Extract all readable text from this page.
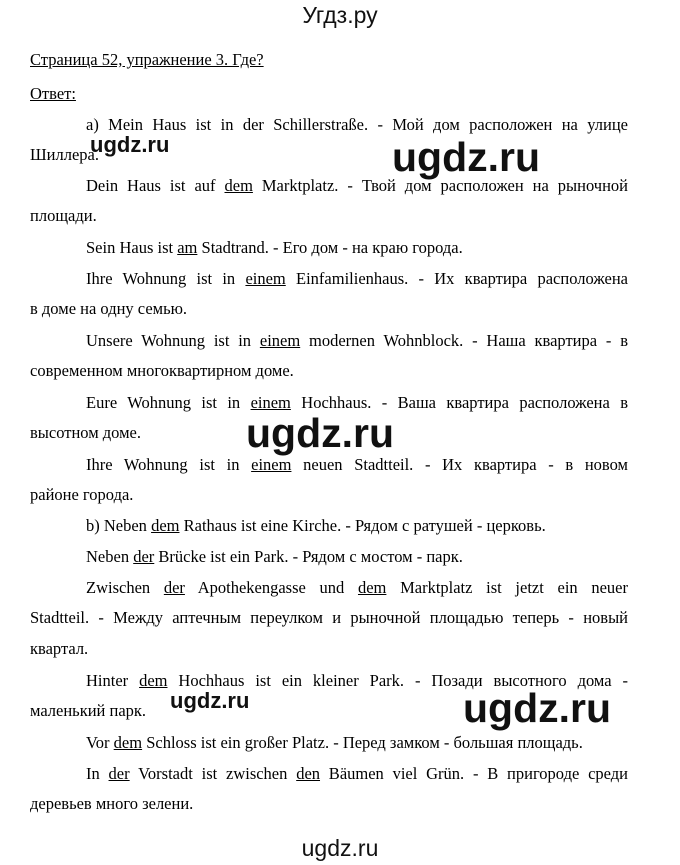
Угдз.ру
Страница 52, упражнение 3. Где?
Ответ:
а) Mein Haus ist in der Schillerstraße. - Мой дом расположен на улице
Шиллера.
Dein Haus ist auf dem Marktplatz. - Твой дом расположен на рыночной
площади.
Sein Haus ist am Stadtrand. - Его дом - на краю города.
Ihre Wohnung ist in einem Einfamilienhaus. - Их квартира расположена
в доме на одну семью.
Unsere Wohnung ist in einem modernen Wohnblock. - Наша квартира - в
современном многоквартирном доме.
Eure Wohnung ist in einem Hochhaus. - Ваша квартира расположена в
высотном доме.
Ihre Wohnung ist in einem neuen Stadtteil. - Их квартира - в новом
районе города.
b) Neben dem Rathaus ist eine Kirche. - Рядом с ратушей - церковь.
Neben der Brücke ist ein Park. - Рядом с мостом - парк.
Zwischen der Apothekengasse und dem Marktplatz ist jetzt ein neuer
Stadtteil. - Между аптечным переулком и рыночной площадью теперь - новый
квартал.
Hinter dem Hochhaus ist ein kleiner Park. - Позади высотного дома -
маленький парк.
Vor dem Schloss ist ein großer Platz. - Перед замком - большая площадь.
In der Vorstadt ist zwischen den Bäumen viel Grün. - В пригороде среди
деревьев много зелени.
ugdz.ru	ugdz.ru
ugdz.ru
ugdz.ru	ugdz.ru
ugdz.ru
